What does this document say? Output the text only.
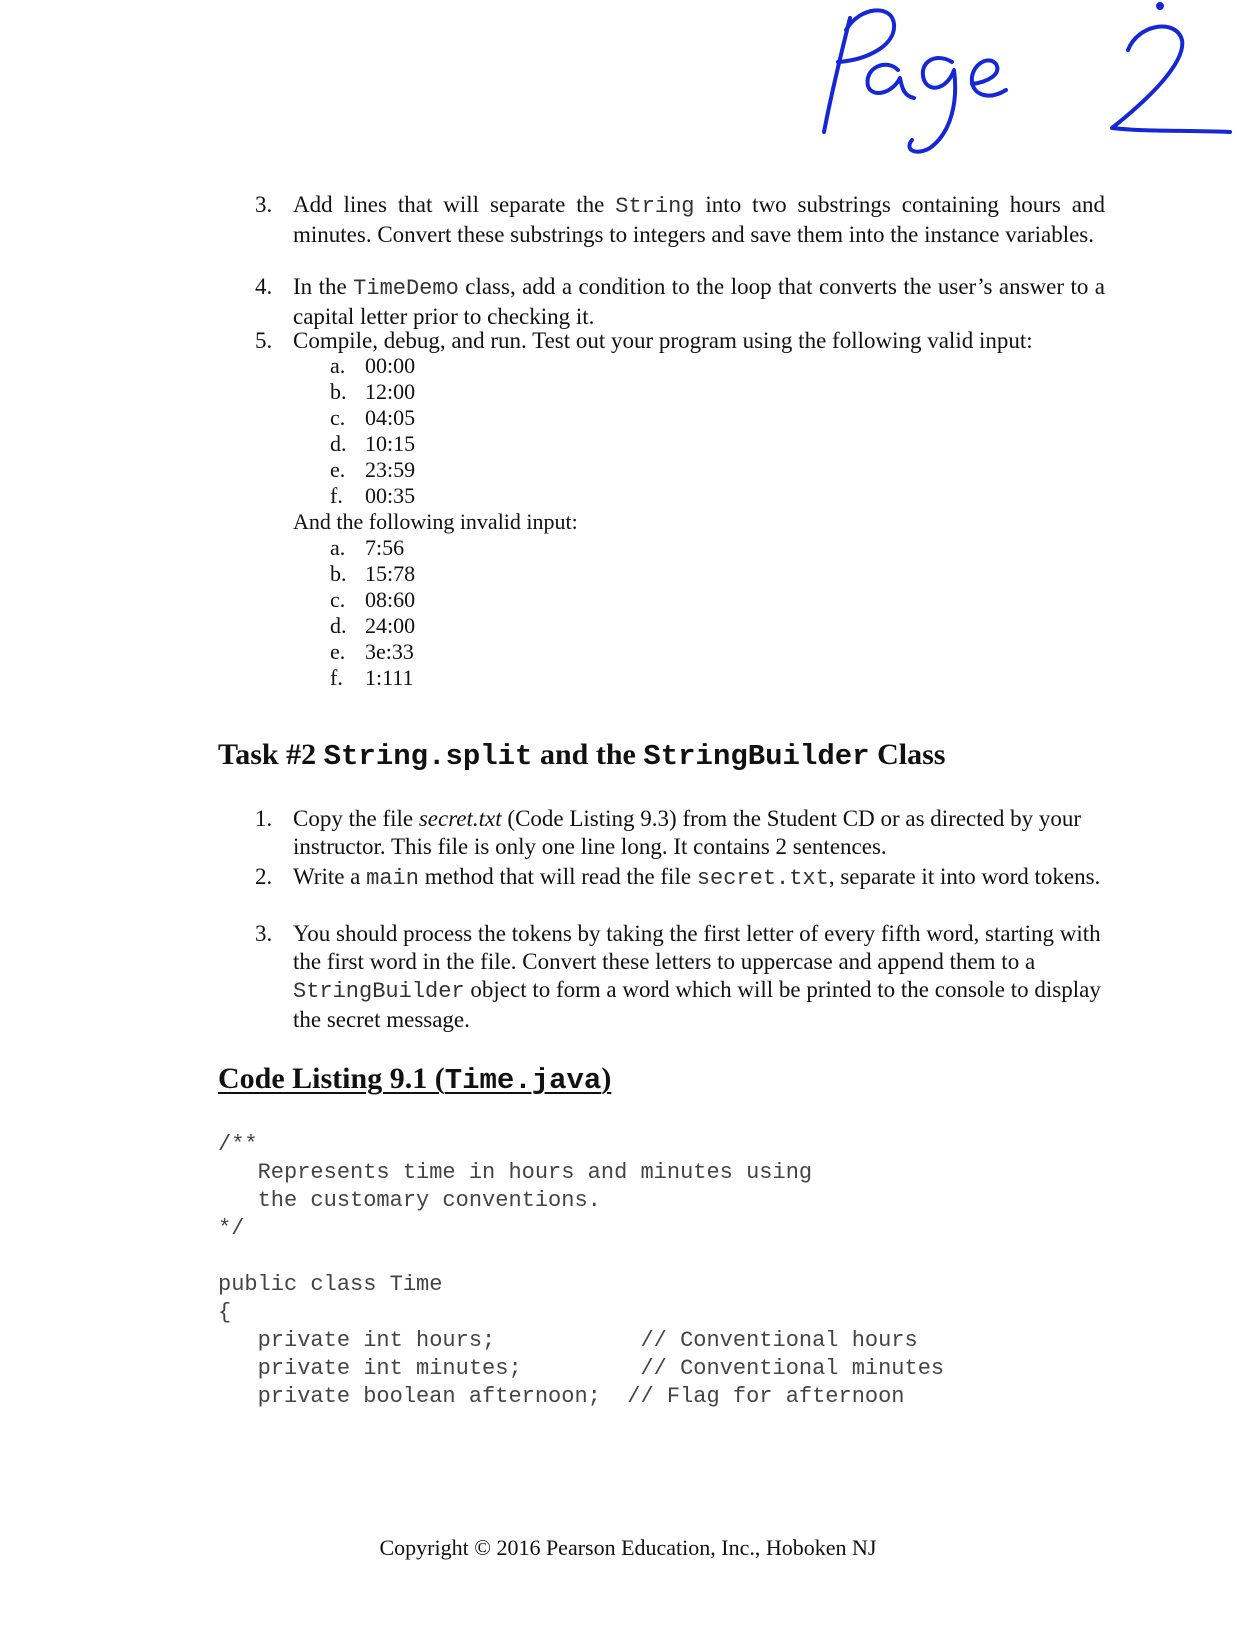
Page 2
3. Add lines that will separate the String into two substrings containing hours and minutes. Convert these substrings to integers and save them into the instance variables.
4. In the TimeDemo class, add a condition to the loop that converts the user’s answer to a capital letter prior to checking it.
5. Compile, debug, and run. Test out your program using the following valid input:
a. 00:00
b. 12:00
c. 04:05
d. 10:15
e. 23:59
f.	00:35
And the following invalid input:
a. 7:56
b. 15:78
c. 08:60
d. 24:00
e. 3e:33
f.	1:111
Task #2 String.split and the StringBuilder Class
1. Copy the file secret.txt (Code Listing 9.3) from the Student CD or as directed by your instructor. This file is only one line long. It contains 2 sentences.
2. Write a main method that will read the file secret.txt, separate it into word tokens.
3. You should process the tokens by taking the first letter of every fifth word, starting with the first word in the file. Convert these letters to uppercase and append them to a StringBuilder object to form a word which will be printed to the console to display the secret message.
Code Listing 9.1 (Time.java)
/**
Represents time in hours and minutes using
the customary conventions.
*/
public class Time
{
private int hours;           // Conventional hours
private int minutes;         // Conventional minutes
private boolean afternoon;  // Flag for afternoon
Copyright © 2016 Pearson Education, Inc., Hoboken NJ
